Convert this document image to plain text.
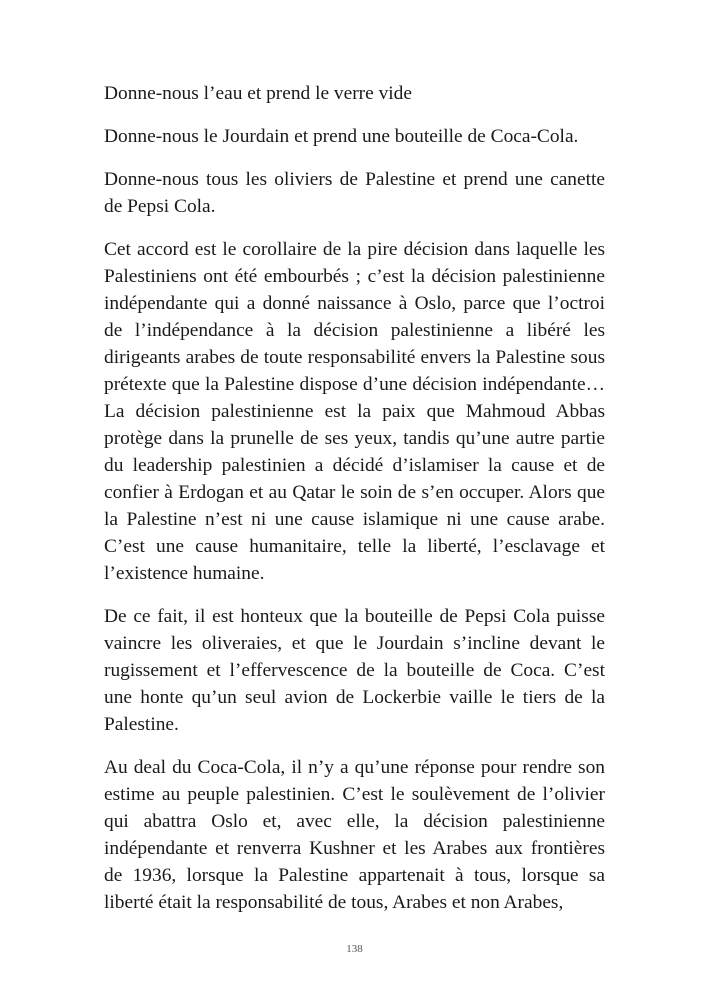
Donne-nous l’eau et prend le verre vide

Donne-nous le Jourdain et prend une bouteille de Coca-Cola.

Donne-nous tous les oliviers de Palestine et prend une canette de Pepsi Cola.

Cet accord est le corollaire de la pire décision dans laquelle les Palestiniens ont été embourbés ; c’est la décision palestinienne indépendante qui a donné naissance à Oslo, parce que l’octroi de l’indépendance à la décision palestinienne a libéré les dirigeants arabes de toute responsabilité envers la Palestine sous prétexte que la Palestine dispose d’une décision indépendante… La décision palestinienne est la paix que Mahmoud Abbas protège dans la prunelle de ses yeux, tandis qu’une autre partie du leadership palestinien a décidé d’islamiser la cause et de confier à Erdogan et au Qatar le soin de s’en occuper. Alors que la Palestine n’est ni une cause islamique ni une cause arabe. C’est une cause humanitaire, telle la liberté, l’esclavage et l’existence humaine.

De ce fait, il est honteux que la bouteille de Pepsi Cola puisse vaincre les oliveraies, et que le Jourdain s’incline devant le rugissement et l’effervescence de la bouteille de Coca. C’est une honte qu’un seul avion de Lockerbie vaille le tiers de la Palestine.

Au deal du Coca-Cola, il n’y a qu’une réponse pour rendre son estime au peuple palestinien. C’est le soulèvement de l’olivier qui abattra Oslo et, avec elle, la décision palestinienne indépendante et renverra Kushner et les Arabes aux frontières de 1936, lorsque la Palestine appartenait à tous, lorsque sa liberté était la responsabilité de tous, Arabes et non Arabes,

138
